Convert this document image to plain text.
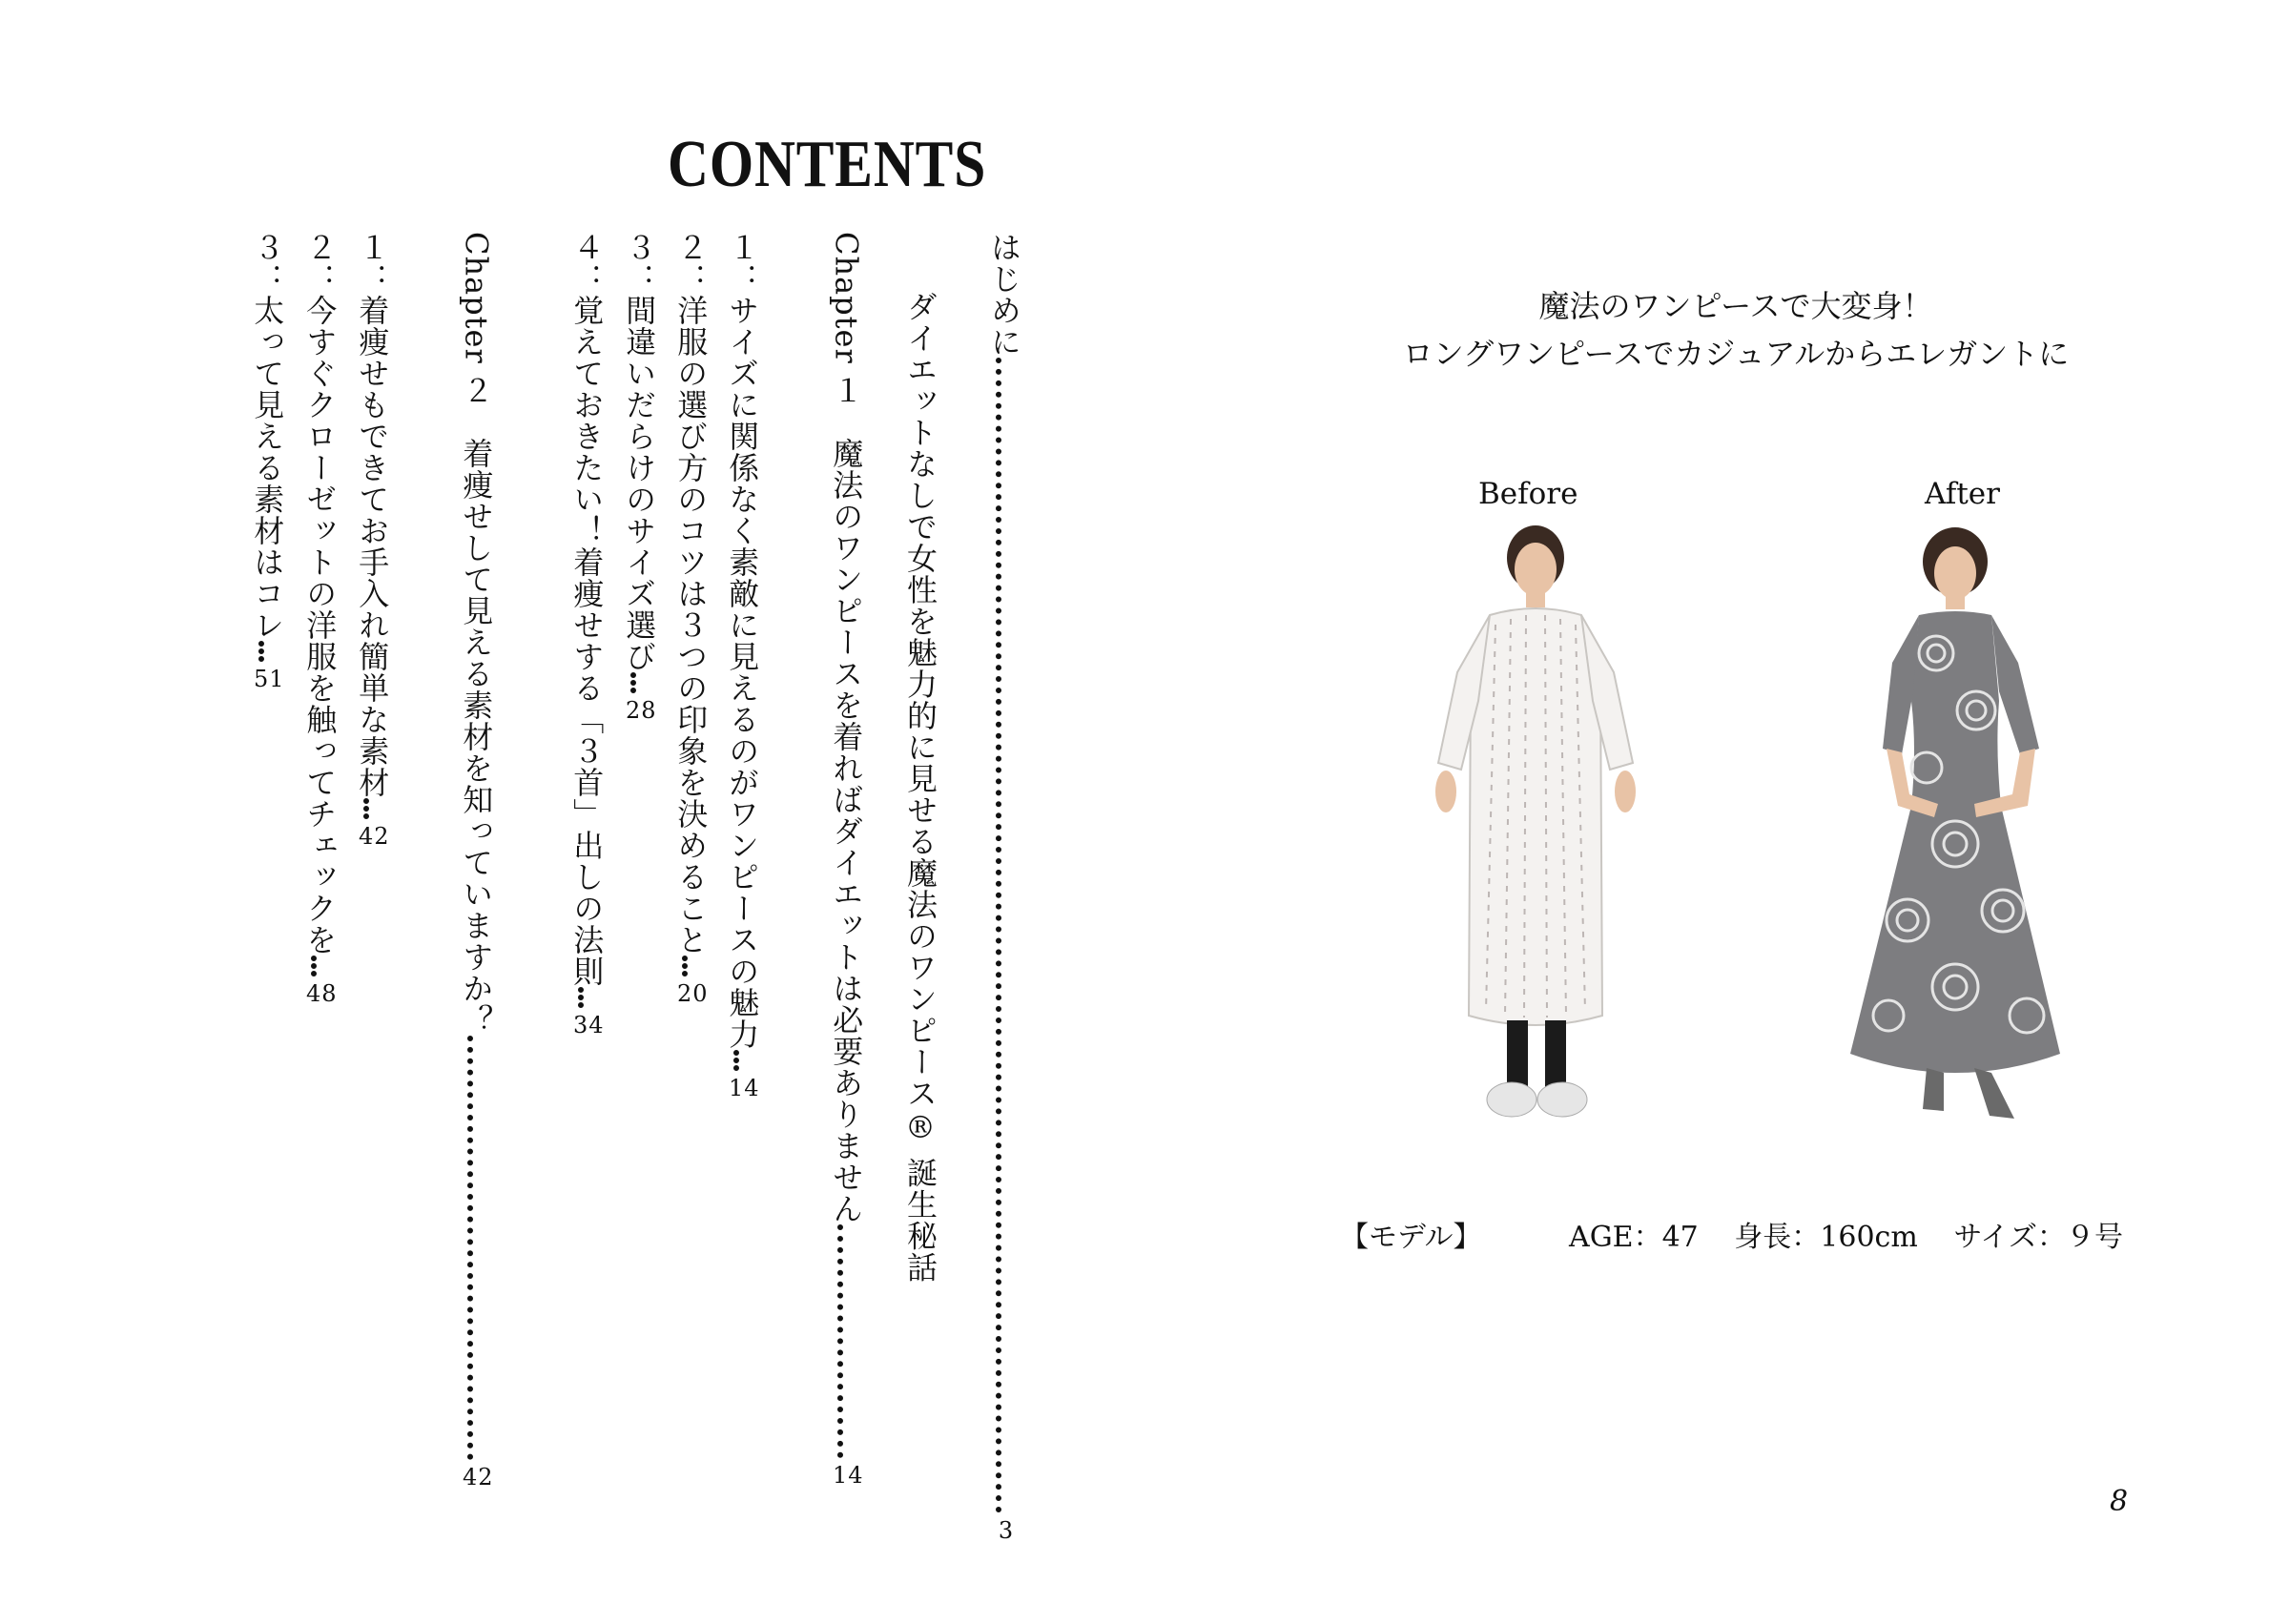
CONTENTS
はじめに3
ダイエットなしで女性を魅力的に見せる魔法のワンピース® 誕生秘話
Chapter １　魔法のワンピースを着ればダイエットは必要ありません14
１：サイズに関係なく素敵に見えるのがワンピースの魅力14
２：洋服の選び方のコツは３つの印象を決めること20
３：間違いだらけのサイズ選び28
４：覚えておきたい！着痩せする「３首」出しの法則34
Chapter ２　着痩せして見える素材を知っていますか？42
１：着痩せもできてお手入れ簡単な素材42
２：今すぐクローゼットの洋服を触ってチェックを48
３：太って見える素材はコレ51
魔法のワンピースで大変身！
ロングワンピースでカジュアルからエレガントに
Before	After
【モデル】	AGE：47 身長：160cm サイズ：９号
8
